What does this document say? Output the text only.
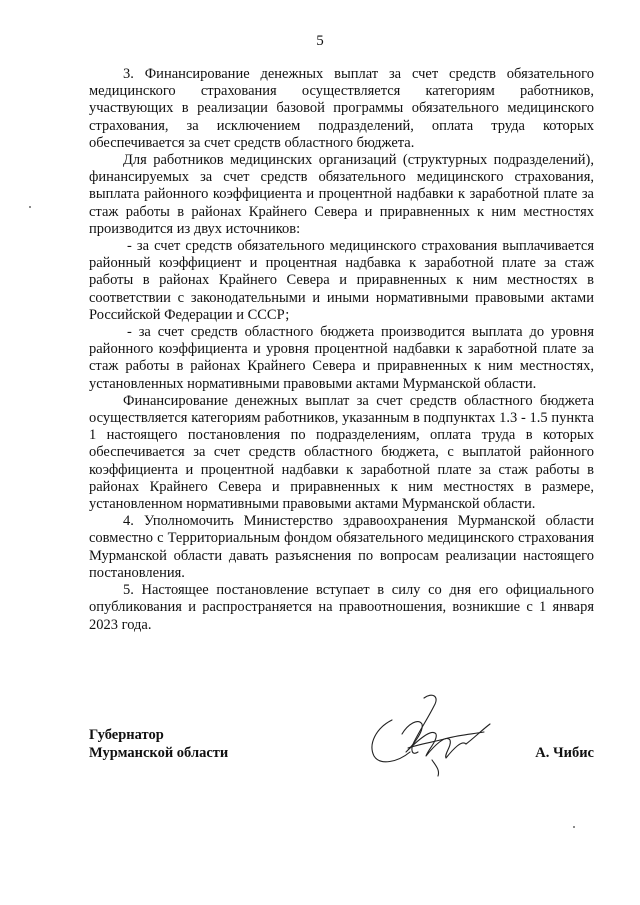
5

3. Финансирование денежных выплат за счет средств обязательного медицинского страхования осуществляется категориям работников, участвующих в реализации базовой программы обязательного медицинского страхования, за исключением подразделений, оплата труда которых обеспечивается за счет средств областного бюджета.

Для работников медицинских организаций (структурных подразделений), финансируемых за счет средств обязательного медицинского страхования, выплата районного коэффициента и процентной надбавки к заработной плате за стаж работы в районах Крайнего Севера и приравненных к ним местностях производится из двух источников:

- за счет средств обязательного медицинского страхования выплачивается районный коэффициент и процентная надбавка к заработной плате за стаж работы в районах Крайнего Севера и приравненных к ним местностях в соответствии с законодательными и иными нормативными правовыми актами Российской Федерации и СССР;

- за счет средств областного бюджета производится выплата до уровня районного коэффициента и уровня процентной надбавки к заработной плате за стаж работы в районах Крайнего Севера и приравненных к ним местностях, установленных нормативными правовыми актами Мурманской области.

Финансирование денежных выплат за счет средств областного бюджета осуществляется категориям работников, указанным в подпунктах 1.3 - 1.5 пункта 1 настоящего постановления по подразделениям, оплата труда в которых обеспечивается за счет средств областного бюджета, с выплатой районного коэффициента и процентной надбавки к заработной плате за стаж работы в районах Крайнего Севера и приравненных к ним местностях в размере, установленном нормативными правовыми актами Мурманской области.

4. Уполномочить Министерство здравоохранения Мурманской области совместно с Территориальным фондом обязательного медицинского страхования Мурманской области давать разъяснения по вопросам реализации настоящего постановления.

5. Настоящее постановление вступает в силу со дня его официального опубликования и распространяется на правоотношения, возникшие с 1 января 2023 года.

Губернатор
Мурманской области	А. Чибис
